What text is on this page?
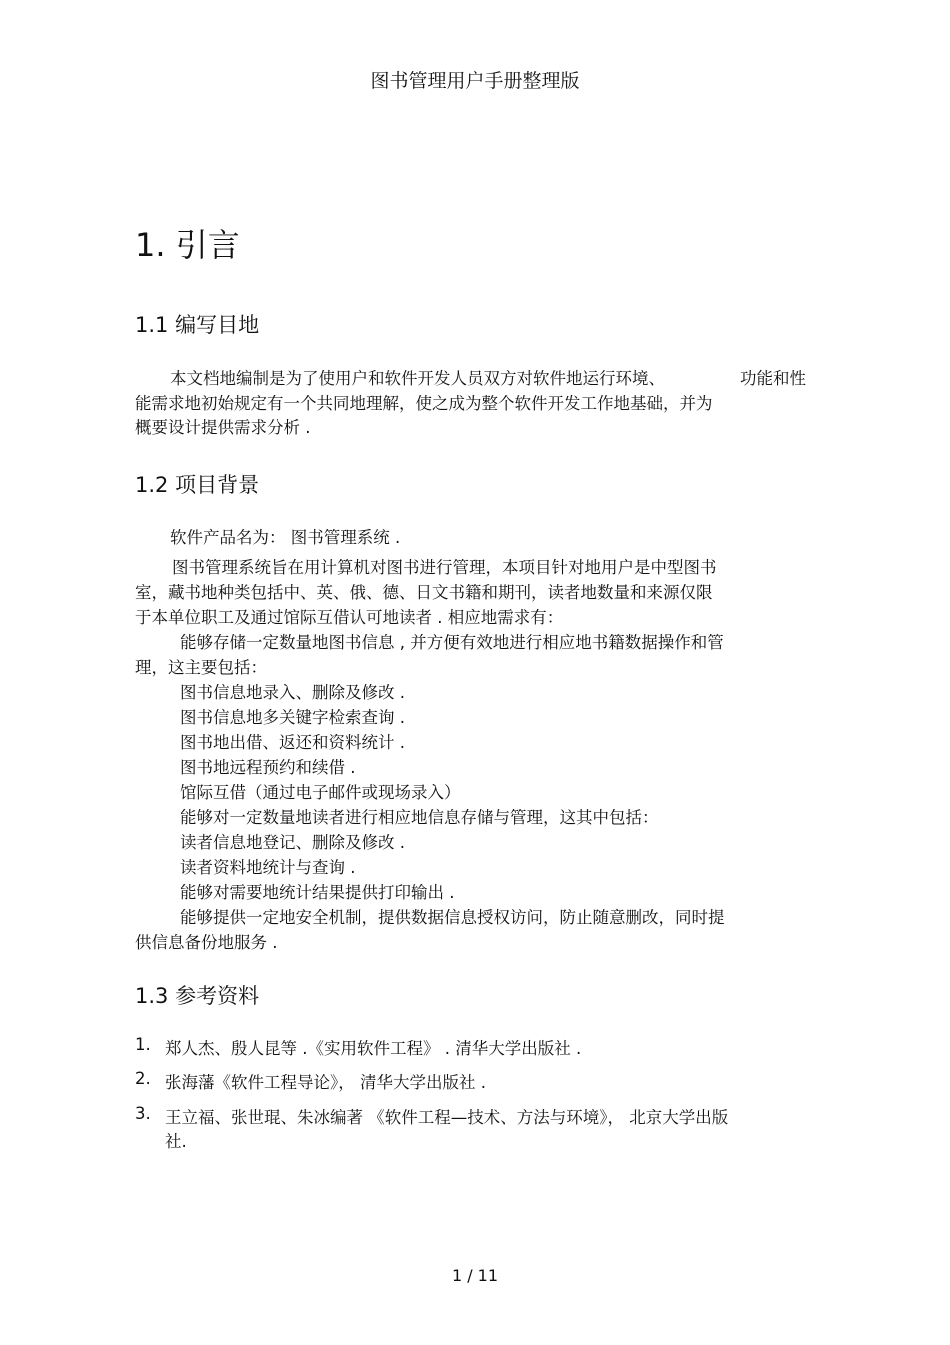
图书管理用户手册整理版
1. 引言
1.1 编写目地
本文档地编制是为了使用户和软件开发人员双方对软件地运行环境、	功能和性
能需求地初始规定有一个共同地理解，使之成为整个软件开发工作地基础，并为
概要设计提供需求分析 .
1.2 项目背景
软件产品名为： 图书管理系统 .
图书管理系统旨在用计算机对图书进行管理，本项目针对地用户是中型图书
室，藏书地种类包括中、英、俄、德、日文书籍和期刊，读者地数量和来源仅限
于本单位职工及通过馆际互借认可地读者 . 相应地需求有：
能够存储一定数量地图书信息 , 并方便有效地进行相应地书籍数据操作和管
理，这主要包括：
图书信息地录入、删除及修改 .
图书信息地多关键字检索查询 .
图书地出借、返还和资料统计 .
图书地远程预约和续借 .
馆际互借（通过电子邮件或现场录入）
能够对一定数量地读者进行相应地信息存储与管理，这其中包括：
读者信息地登记、删除及修改 .
读者资料地统计与查询 .
能够对需要地统计结果提供打印输出 .
能够提供一定地安全机制，提供数据信息授权访问，防止随意删改，同时提
供信息备份地服务 .
1.3 参考资料
1. 郑人杰、殷人昆等 .《实用软件工程》 . 清华大学出版社 .
2. 张海藩《软件工程导论》， 清华大学出版社 .
3. 王立福、张世琨、朱冰编著 《软件工程—技术、方法与环境》， 北京大学出版
社.
1 / 11
